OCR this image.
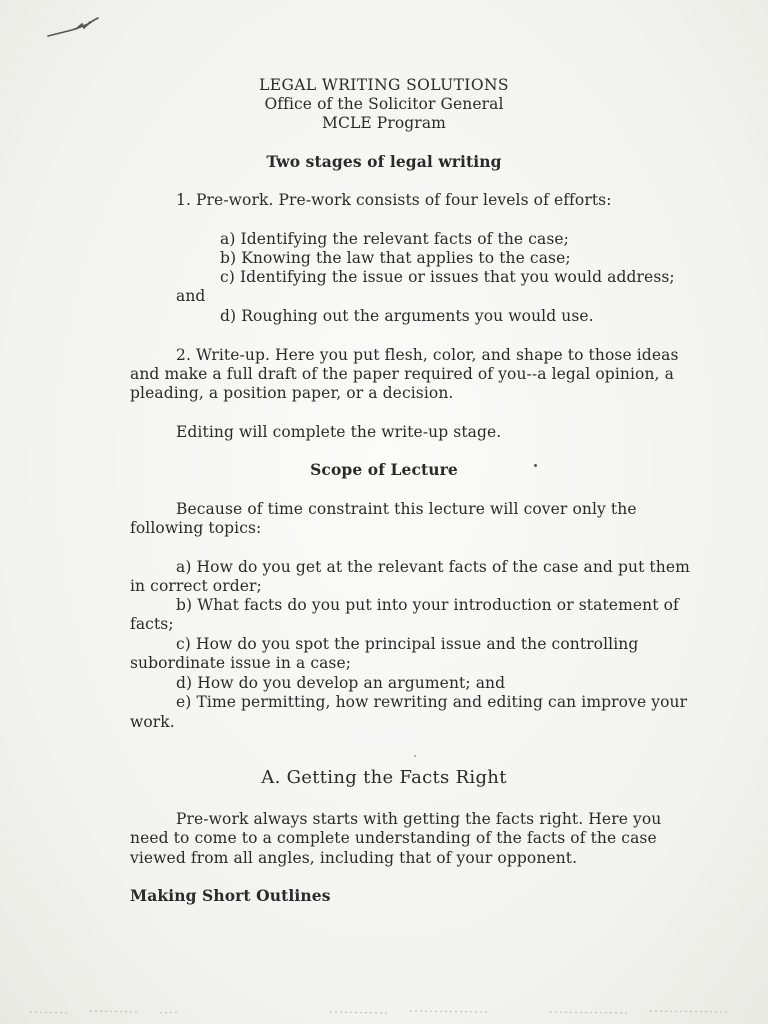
LEGAL WRITING SOLUTIONS
Office of the Solicitor General
MCLE Program
Two stages of legal writing
1. Pre-work. Pre-work consists of four levels of efforts:
a) Identifying the relevant facts of the case;
b) Knowing the law that applies to the case;
c) Identifying the issue or issues that you would address;
and
d) Roughing out the arguments you would use.
2. Write-up. Here you put flesh, color, and shape to those ideas
and make a full draft of the paper required of you--a legal opinion, a
pleading, a position paper, or a decision.
Editing will complete the write-up stage.
Scope of Lecture
Because of time constraint this lecture will cover only the
following topics:
a) How do you get at the relevant facts of the case and put them
in correct order;
b) What facts do you put into your introduction or statement of
facts;
c) How do you spot the principal issue and the controlling
subordinate issue in a case;
d) How do you develop an argument; and
e) Time permitting, how rewriting and editing can improve your
work.
A. Getting the Facts Right
Pre-work always starts with getting the facts right. Here you
need to come to a complete understanding of the facts of the case
viewed from all angles, including that of your opponent.
Making Short Outlines
